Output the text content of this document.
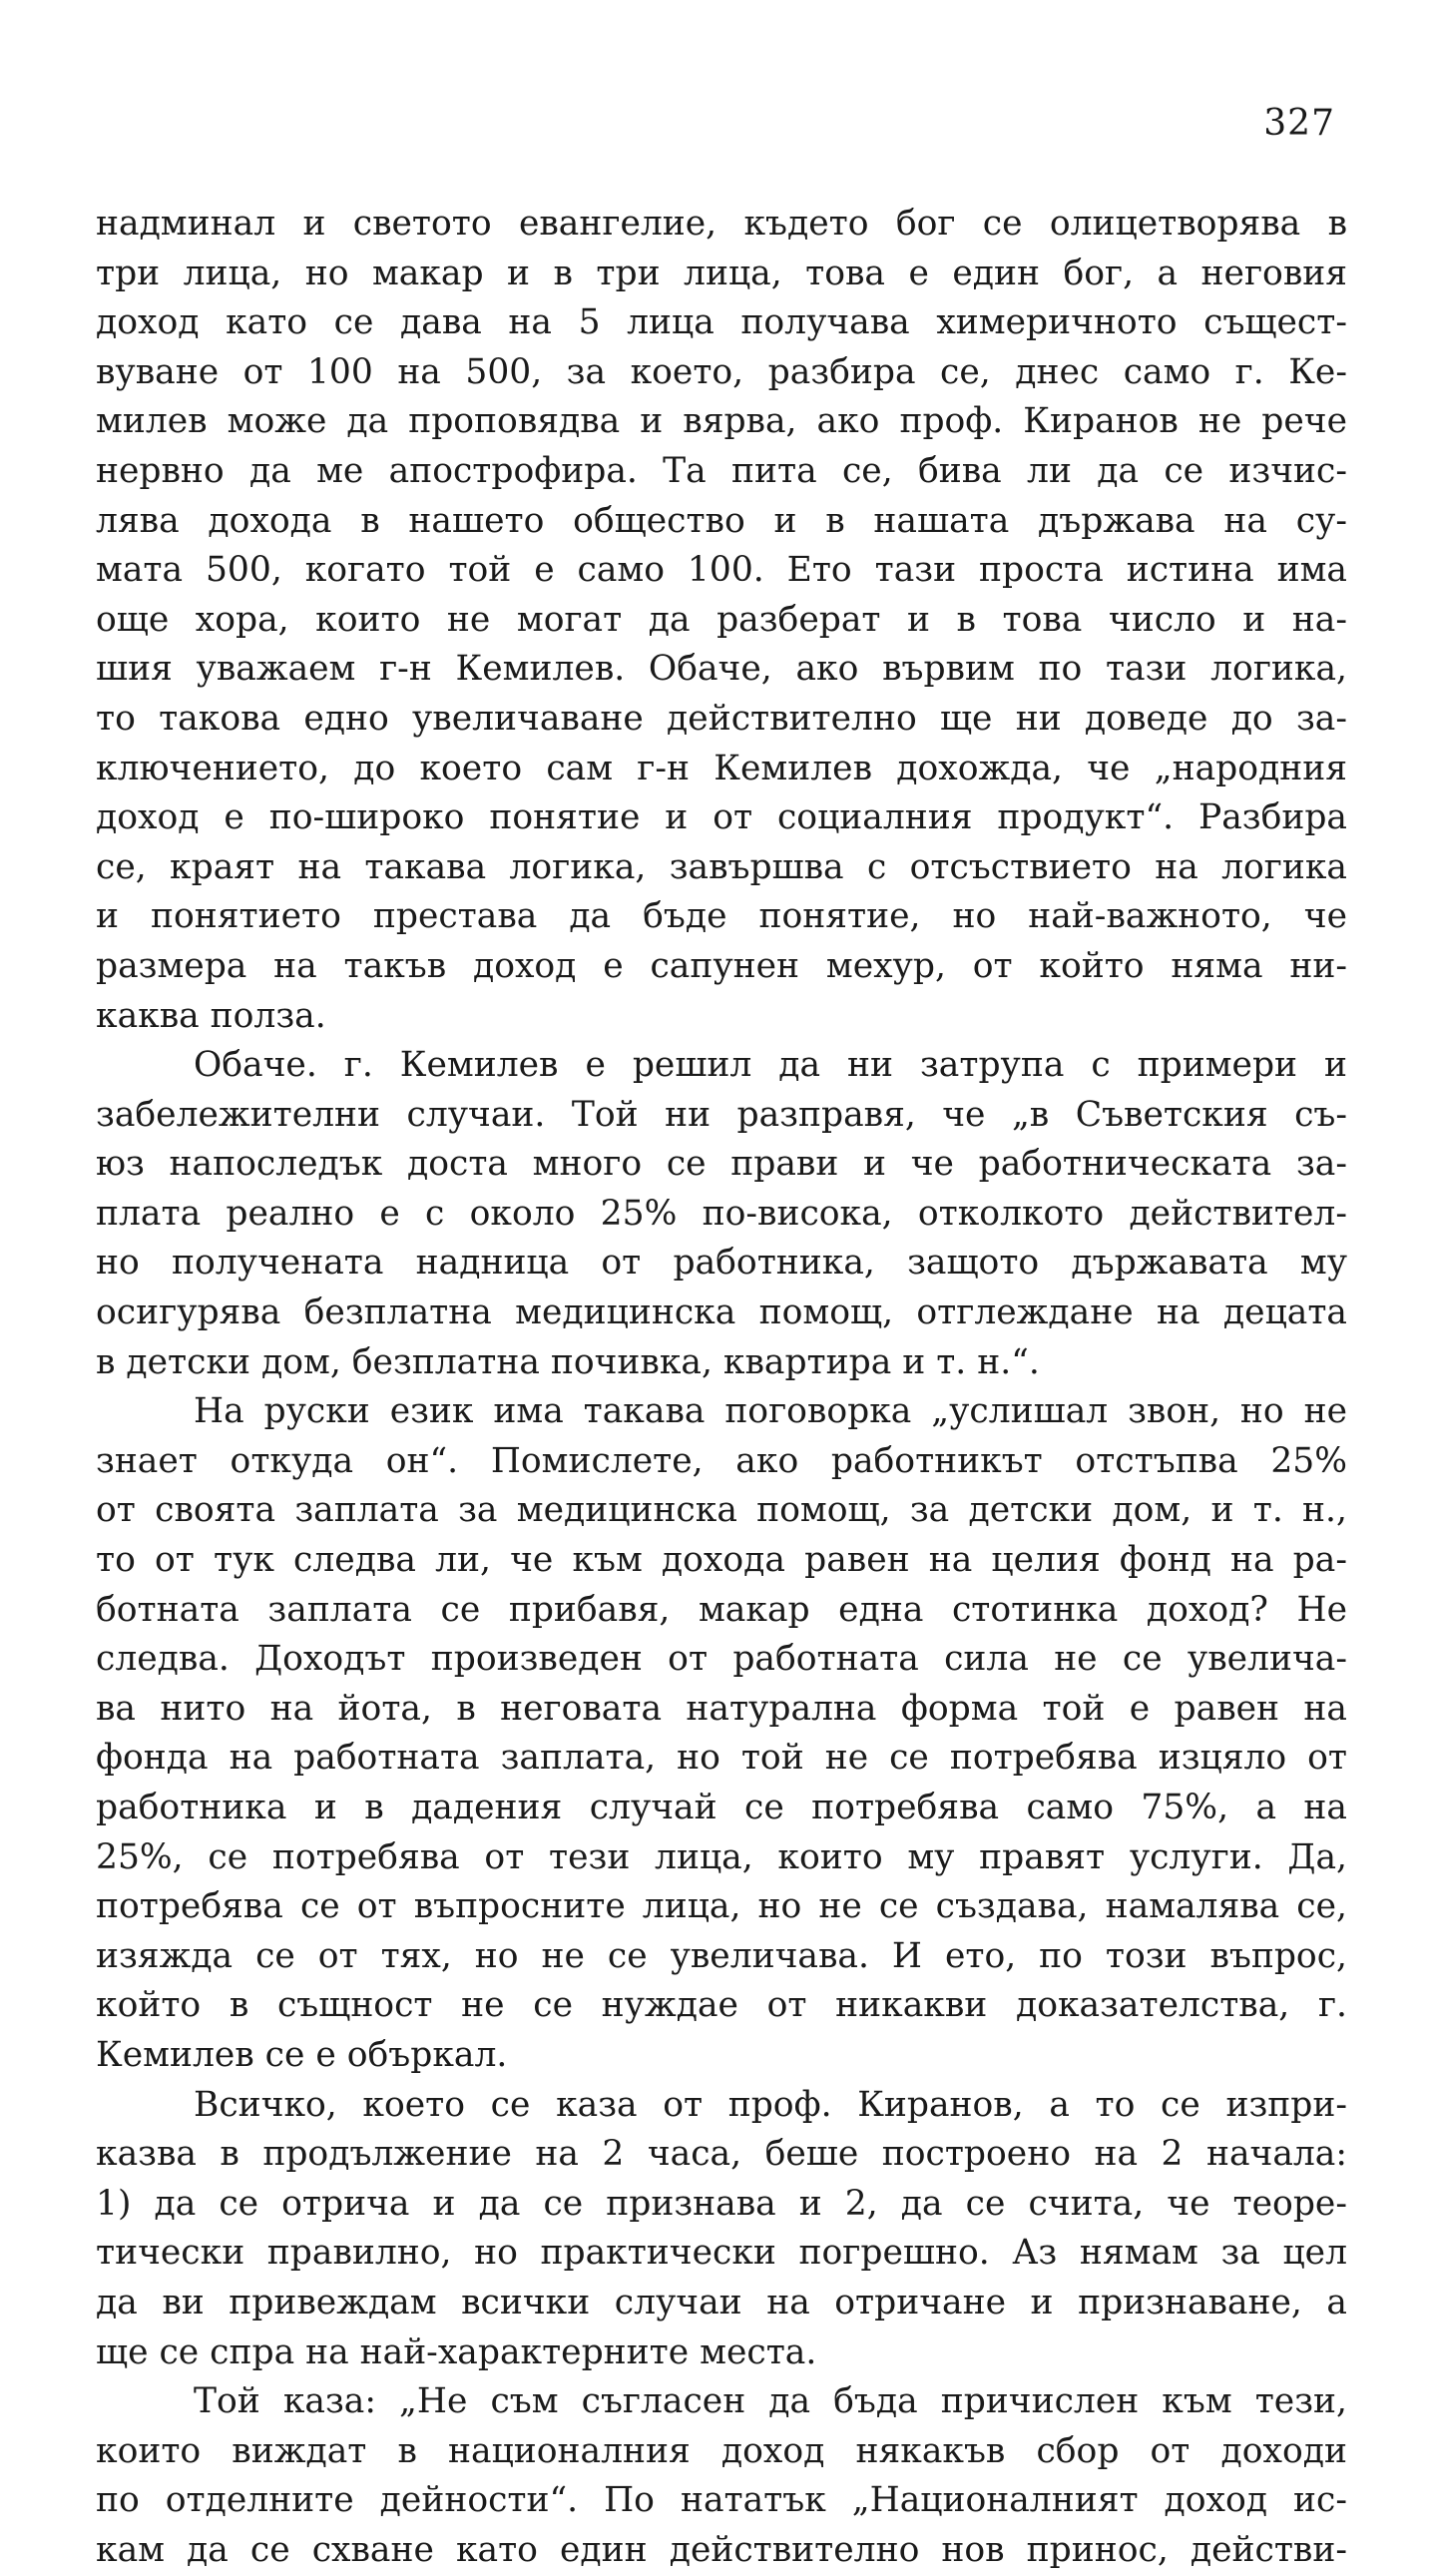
327
надминал и светото евангелие, където бог се олицетворява в
три лица, но макар и в три лица, това е един бог, а неговия
доход като се дава на 5 лица получава химеричното същест-
вуване от 100 на 500, за което, разбира се, днес само г. Ке-
милев може да проповядва и вярва, ако проф. Киранов не рече
нервно да ме апострофира. Та пита се, бива ли да се изчис-
лява дохода в нашето общество и в нашата държава на су-
мата 500, когато той е само 100. Ето тази проста истина има
още хора, които не могат да разберат и в това число и на-
шия уважаем г-н Кемилев. Обаче, ако вървим по тази логика,
то такова едно увеличаване действително ще ни доведе до за-
ключението, до което сам г-н Кемилев дохожда, че „народния
доход е по-широко понятие и от социалния продукт“. Разбира
се, краят на такава логика, завършва с отсъствието на логика
и понятието престава да бъде понятие, но най-важното, че
размера на такъв доход е сапунен мехур, от който няма ни-
каква полза.
Обаче. г. Кемилев е решил да ни затрупа с примери и
забележителни случаи. Той ни разправя, че „в Съветския съ-
юз напоследък доста много се прави и че работническата за-
плата реално е с около 25% по-висока, отколкото действител-
но получената надница от работника, защото държавата му
осигурява безплатна медицинска помощ, отглеждане на децата
в детски дом, безплатна почивка, квартира и т. н.“.
На руски език има такава поговорка „услишал звон, но не
знает откуда он“. Помислете, ако работникът отстъпва 25%
от своята заплата за медицинска помощ, за детски дом, и т. н.,
то от тук следва ли, че към дохода равен на целия фонд на ра-
ботната заплата се прибавя, макар една стотинка доход? Не
следва. Доходът произведен от работната сила не се увелича-
ва нито на йота, в неговата натурална форма той е равен на
фонда на работната заплата, но той не се потребява изцяло от
работника и в дадения случай се потребява само 75%, а на
25%, се потребява от тези лица, които му правят услуги. Да,
потребява се от въпросните лица, но не се създава, намалява се,
изяжда се от тях, но не се увеличава. И ето, по този въпрос,
който в същност не се нуждае от никакви доказателства, г.
Кемилев се е объркал.
Всичко, което се каза от проф. Киранов, а то се изпри-
казва в продължение на 2 часа, беше построено на 2 начала:
1) да се отрича и да се признава и 2, да се счита, че теоре-
тически правилно, но практически погрешно. Аз нямам за цел
да ви привеждам всички случаи на отричане и признаване, а
ще се спра на най-характерните места.
Той каза: „Не съм съгласен да бъда причислен към тези,
които виждат в националния доход някакъв сбор от доходи
по отделните дейности“. По нататък „Националният доход ис-
кам да се схване като един действително нов принос, действи-
